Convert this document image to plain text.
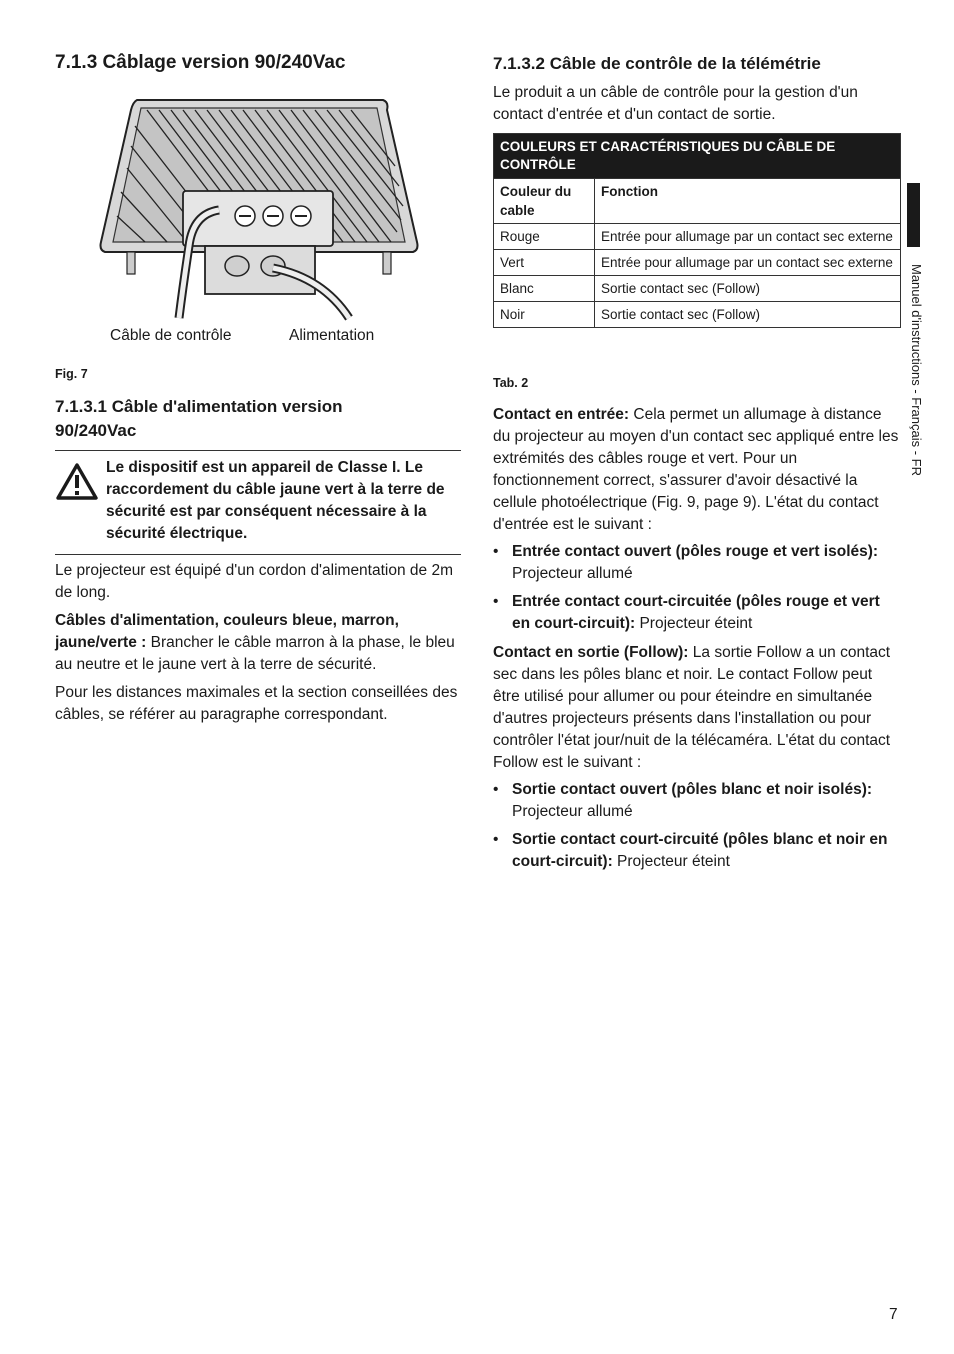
7.1.3 Câblage version 90/240Vac
Câble de contrôle	Alimentation
Fig. 7
7.1.3.1 Câble d'alimentation version
90/240Vac
Le dispositif est un appareil de Classe I. Le raccordement du câble jaune vert à la terre de sécurité est par conséquent nécessaire à la sécurité électrique.

Le projecteur est équipé d'un cordon d'alimentation de 2m de long.

Câbles d'alimentation, couleurs bleue, marron, jaune/verte : Brancher le câble marron à la phase, le bleu au neutre et le jaune vert à la terre de sécurité.

Pour les distances maximales et la section conseillées des câbles, se référer au paragraphe correspondant.

7.1.3.2 Câble de contrôle de la télémétrie

Le produit a un câble de contrôle pour la gestion d'un contact d'entrée et d'un contact de sortie.

COULEURS ET CARACTÉRISTIQUES DU CÂBLE DE CONTRÔLE	
Couleur du cable	Fonction
Rouge	Entrée pour allumage par un contact sec externe
Vert	Entrée pour allumage par un contact sec externe
Blanc	Sortie contact sec (Follow)
Noir	Sortie contact sec (Follow)
Tab. 2

Contact en entrée: Cela permet un allumage à distance du projecteur au moyen d'un contact sec appliqué entre les extrémités des câbles rouge et vert. Pour un fonctionnement correct, s'assurer d'avoir désactivé la cellule photoélectrique (Fig. 9, page 9). L'état du contact d'entrée est le suivant :

• Entrée contact ouvert (pôles rouge et vert isolés): Projecteur allumé
• Entrée contact court-circuitée (pôles rouge et vert en court-circuit): Projecteur éteint

Contact en sortie (Follow): La sortie Follow a un contact sec dans les pôles blanc et noir. Le contact Follow peut être utilisé pour allumer ou pour éteindre en simultanée d'autres projecteurs présents dans l'installation ou pour contrôler l'état jour/nuit de la télécaméra. L'état du contact Follow est le suivant :

• Sortie contact ouvert (pôles blanc et noir isolés): Projecteur allumé
• Sortie contact court-circuité (pôles blanc et noir en court-circuit): Projecteur éteint
Manuel d'instructions - Français - FR
7
